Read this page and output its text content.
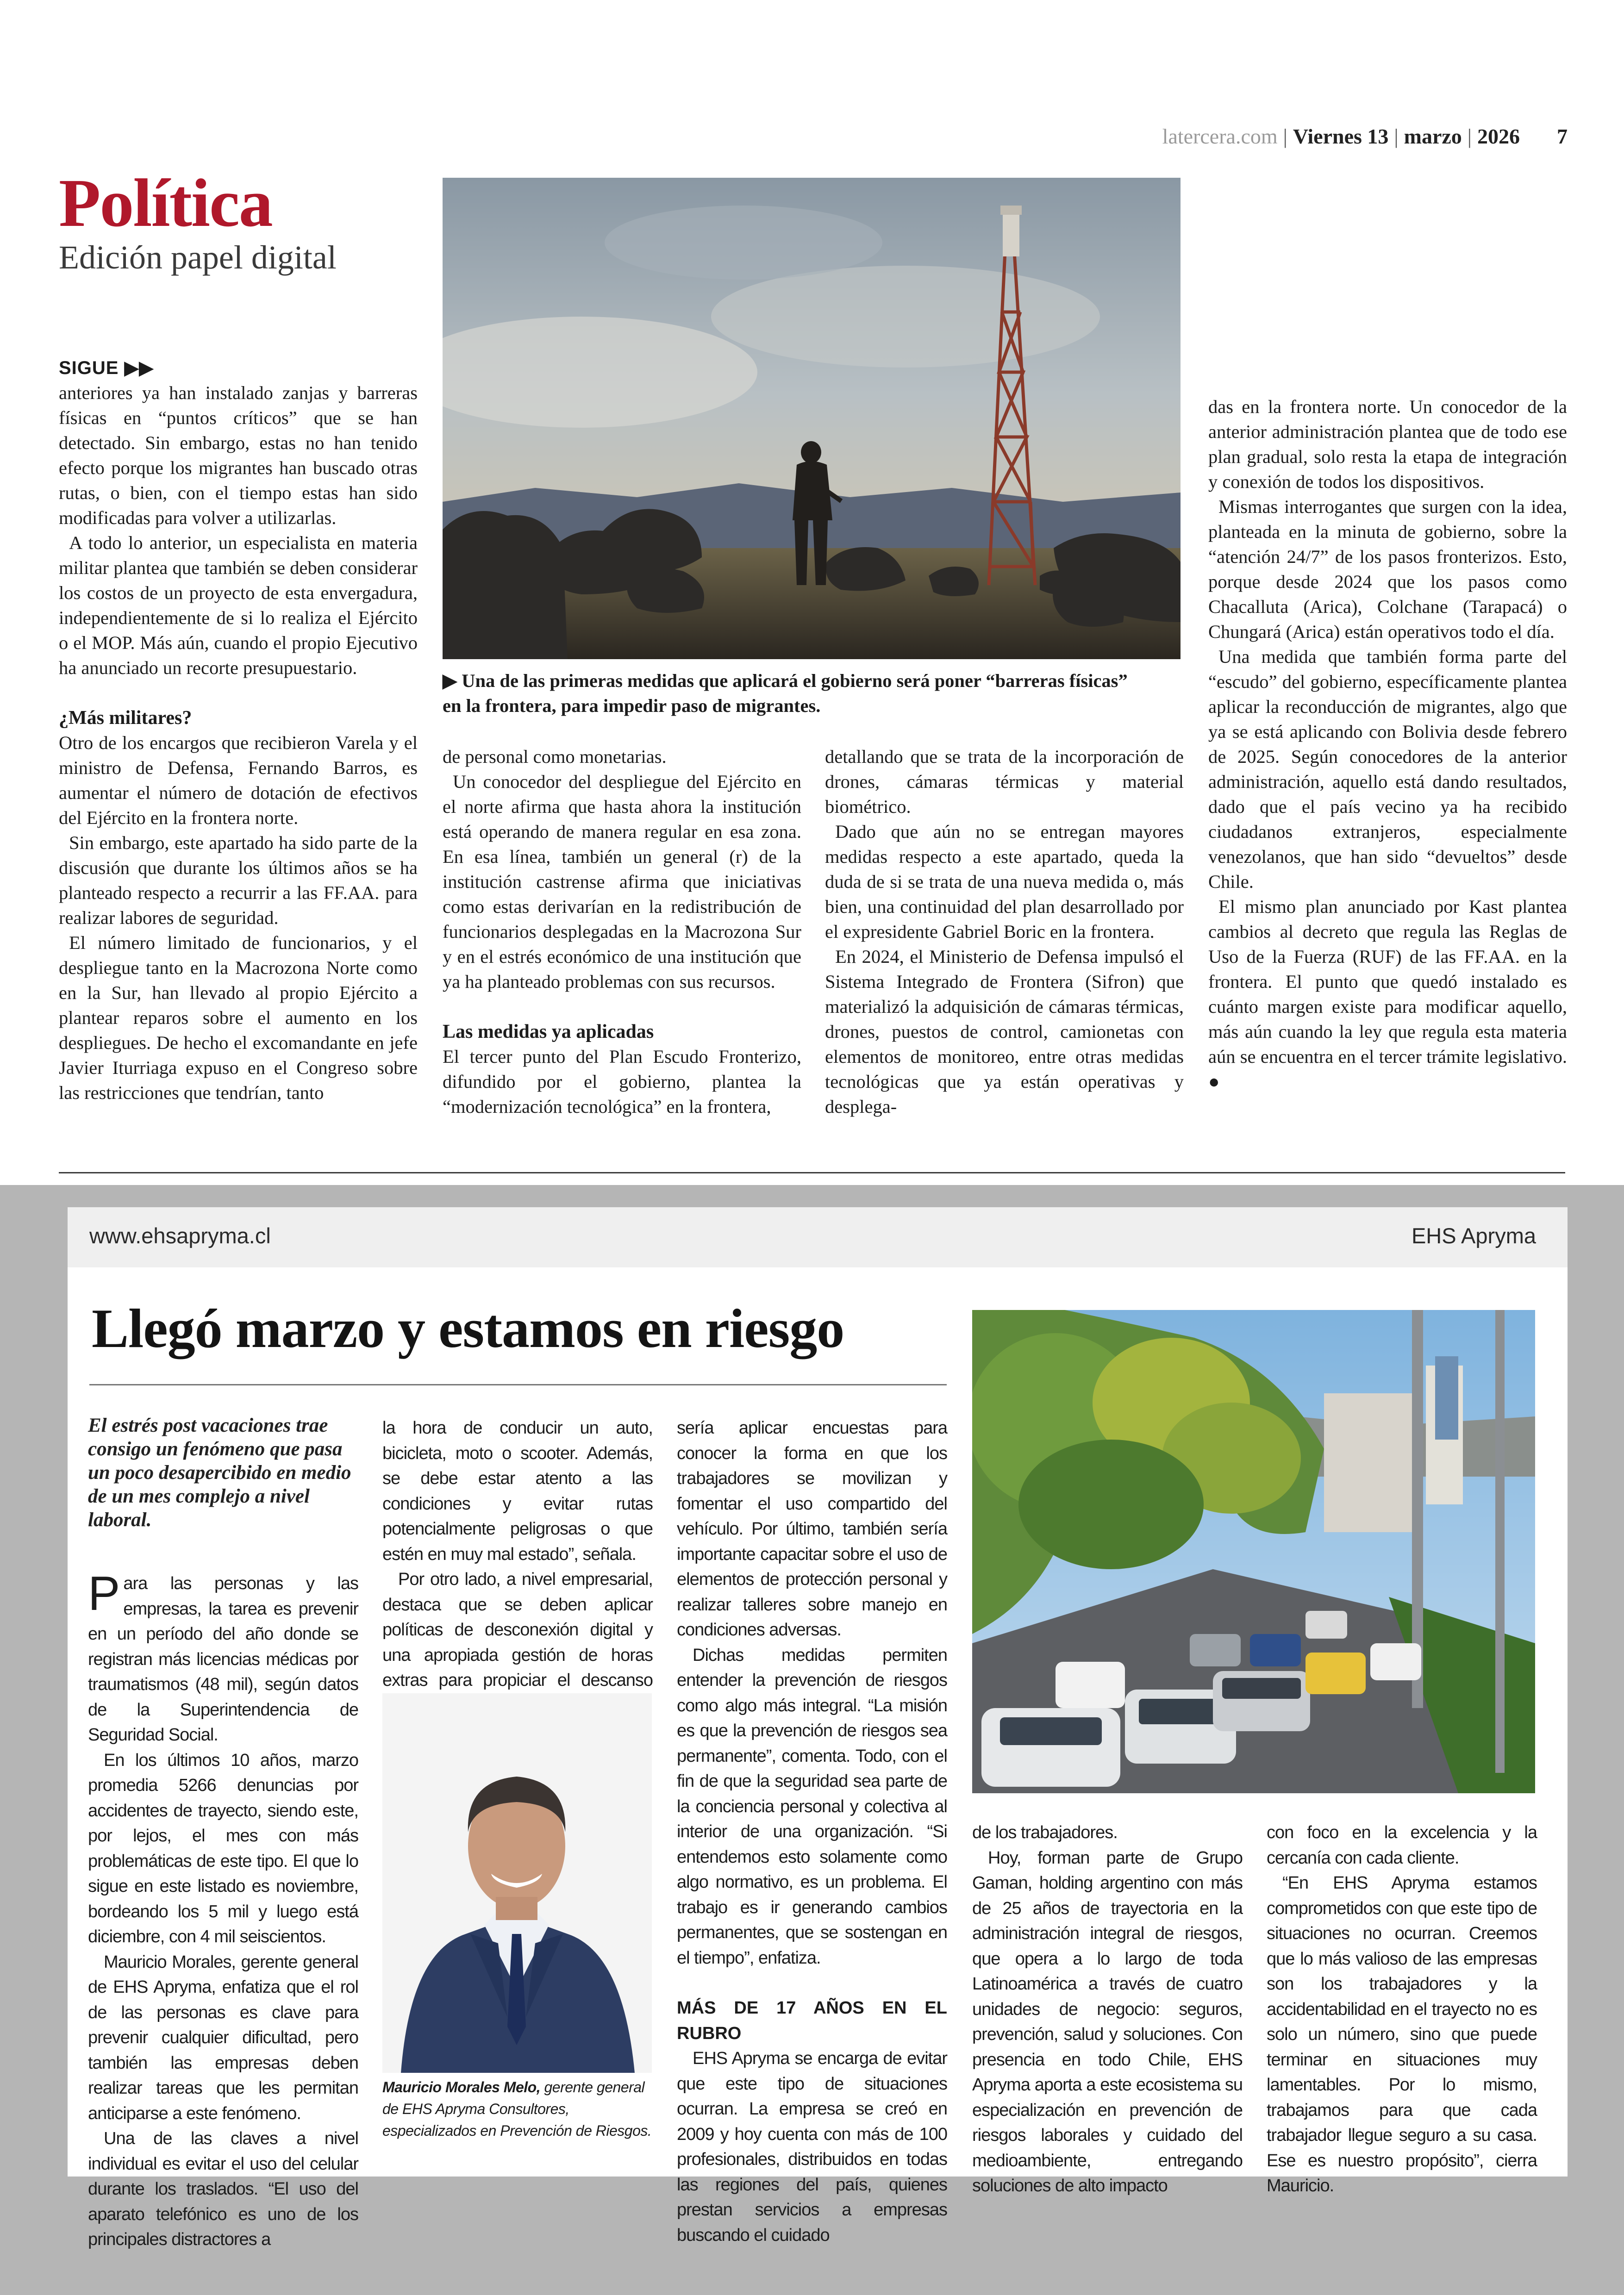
latercera.com | Viernes 13 | marzo | 2026 7
Política
Edición papel digital
SIGUE ▶▶

anteriores ya han instalado zanjas y barreras físicas en “puntos críticos” que se han detectado. Sin embargo, estas no han tenido efecto porque los migrantes han buscado otras rutas, o bien, con el tiempo estas han sido modificadas para volver a utilizarlas.

A todo lo anterior, un especialista en materia militar plantea que también se deben considerar los costos de un proyecto de esta envergadura, independientemente de si lo realiza el Ejército o el MOP. Más aún, cuando el propio Ejecutivo ha anunciado un recorte presupuestario.

¿Más militares?

Otro de los encargos que recibieron Varela y el ministro de Defensa, Fernando Barros, es aumentar el número de dotación de efectivos del Ejército en la frontera norte.

Sin embargo, este apartado ha sido parte de la discusión que durante los últimos años se ha planteado respecto a recurrir a las FF.AA. para realizar labores de seguridad.

El número limitado de funcionarios, y el despliegue tanto en la Macrozona Norte como en la Sur, han llevado al propio Ejército a plantear reparos sobre el aumento en los despliegues. De hecho el excomandante en jefe Javier Iturriaga expuso en el Congreso sobre las restricciones que tendrían, tanto

▶ Una de las primeras medidas que aplicará el gobierno será poner “barreras físicas” en la frontera, para impedir paso de migrantes.

de personal como monetarias.

Un conocedor del despliegue del Ejército en el norte afirma que hasta ahora la institución está operando de manera regular en esa zona. En esa línea, también un general (r) de la institución castrense afirma que iniciativas como estas derivarían en la redistribución de funcionarios desplegadas en la Macrozona Sur y en el estrés económico de una institución que ya ha planteado problemas con sus recursos.

Las medidas ya aplicadas

El tercer punto del Plan Escudo Fronterizo, difundido por el gobierno, plantea la “modernización tecnológica” en la frontera,

detallando que se trata de la incorporación de drones, cámaras térmicas y material biométrico.

Dado que aún no se entregan mayores medidas respecto a este apartado, queda la duda de si se trata de una nueva medida o, más bien, una continuidad del plan desarrollado por el expresidente Gabriel Boric en la frontera.

En 2024, el Ministerio de Defensa impulsó el Sistema Integrado de Frontera (Sifron) que materializó la adquisición de cámaras térmicas, drones, puestos de control, camionetas con elementos de monitoreo, entre otras medidas tecnológicas que ya están operativas y desplega-

das en la frontera norte. Un conocedor de la anterior administración plantea que de todo ese plan gradual, solo resta la etapa de integración y conexión de todos los dispositivos.

Mismas interrogantes que surgen con la idea, planteada en la minuta de gobierno, sobre la “atención 24/7” de los pasos fronterizos. Esto, porque desde 2024 que los pasos como Chacalluta (Arica), Colchane (Tarapacá) o Chungará (Arica) están operativos todo el día.

Una medida que también forma parte del “escudo” del gobierno, específicamente plantea aplicar la reconducción de migrantes, algo que ya se está aplicando con Bolivia desde febrero de 2025. Según conocedores de la anterior administración, aquello está dando resultados, dado que el país vecino ya ha recibido ciudadanos extranjeros, especialmente venezolanos, que han sido “devueltos” desde Chile.

El mismo plan anunciado por Kast plantea cambios al decreto que regula las Reglas de Uso de la Fuerza (RUF) de las FF.AA. en la frontera. El punto que quedó instalado es cuánto margen existe para modificar aquello, más aún cuando la ley que regula esta materia aún se encuentra en el tercer trámite legislativo. ●

www.ehsapryma.cl	EHS Apryma
Llegó marzo y estamos en riesgo
El estrés post vacaciones trae consigo un fenómeno que pasa un poco desapercibido en medio de un mes complejo a nivel laboral.

Para las personas y las empresas, la tarea es prevenir en un período del año donde se registran más licencias médicas por traumatismos (48 mil), según datos de la Superintendencia de Seguridad Social.

En los últimos 10 años, marzo promedia 5266 denuncias por accidentes de trayecto, siendo este, por lejos, el mes con más problemáticas de este tipo. El que lo sigue en este listado es noviembre, bordeando los 5 mil y luego está diciembre, con 4 mil seiscientos.

Mauricio Morales, gerente general de EHS Apryma, enfatiza que el rol de las personas es clave para prevenir cualquier dificultad, pero también las empresas deben realizar tareas que les permitan anticiparse a este fenómeno.

Una de las claves a nivel individual es evitar el uso del celular durante los traslados. “El uso del aparato telefónico es uno de los principales distractores a

la hora de conducir un auto, bicicleta, moto o scooter. Además, se debe estar atento a las condiciones y evitar rutas potencialmente peligrosas o que estén en muy mal estado”, señala.

Por otro lado, a nivel empresarial, destaca que se deben aplicar políticas de desconexión digital y una apropiada gestión de horas extras para propiciar el descanso

Mauricio Morales Melo, gerente general de EHS Apryma Consultores, especializados en Prevención de Riesgos.

sería aplicar encuestas para conocer la forma en que los trabajadores se movilizan y fomentar el uso compartido del vehículo. Por último, también sería importante capacitar sobre el uso de elementos de protección personal y realizar talleres sobre manejo en condiciones adversas.

Dichas medidas permiten entender la prevención de riesgos como algo más integral. “La misión es que la prevención de riesgos sea permanente”, comenta. Todo, con el fin de que la seguridad sea parte de la conciencia personal y colectiva al interior de una organización. “Si entendemos esto solamente como algo normativo, es un problema. El trabajo es ir generando cambios permanentes, que se sostengan en el tiempo”, enfatiza.

MÁS DE 17 AÑOS EN EL RUBRO

EHS Apryma se encarga de evitar que este tipo de situaciones ocurran. La empresa se creó en 2009 y hoy cuenta con más de 100 profesionales, distribuidos en todas las regiones del país, quienes prestan servicios a empresas buscando el cuidado

de los trabajadores.

Hoy, forman parte de Grupo Gaman, holding argentino con más de 25 años de trayectoria en la administración integral de riesgos, que opera a lo largo de toda Latinoamérica a través de cuatro unidades de negocio: seguros, prevención, salud y soluciones. Con presencia en todo Chile, EHS Apryma aporta a este ecosistema su especialización en prevención de riesgos laborales y cuidado del medioambiente, entregando soluciones de alto impacto

con foco en la excelencia y la cercanía con cada cliente.

“En EHS Apryma estamos comprometidos con que este tipo de situaciones no ocurran. Creemos que lo más valioso de las empresas son los trabajadores y la accidentabilidad en el trayecto no es solo un número, sino que puede terminar en situaciones muy lamentables. Por lo mismo, trabajamos para que cada trabajador llegue seguro a su casa. Ese es nuestro propósito”, cierra Mauricio.
